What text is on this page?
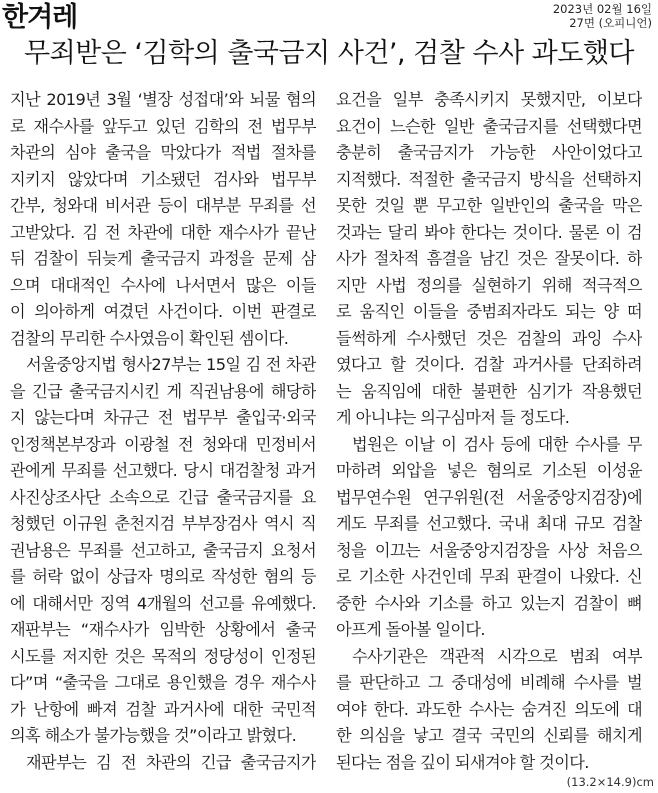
한겨레	2023년 02월 16일
27면 (오피니언)
무죄받은 ‘김학의 출국금지 사건’, 검찰 수사 과도했다
지난 2019년 3월 ‘별장 성접대’와 뇌물 혐의
로 재수사를 앞두고 있던 김학의 전 법무부
차관의 심야 출국을 막았다가 적법 절차를
지키지 않았다며 기소됐던 검사와 법무부
간부, 청와대 비서관 등이 대부분 무죄를 선
고받았다. 김 전 차관에 대한 재수사가 끝난
뒤 검찰이 뒤늦게 출국금지 과정을 문제 삼
으며 대대적인 수사에 나서면서 많은 이들
이 의아하게 여겼던 사건이다. 이번 판결로
검찰의 무리한 수사였음이 확인된 셈이다.
서울중앙지법 형사27부는 15일 김 전 차관
을 긴급 출국금지시킨 게 직권남용에 해당하
지 않는다며 차규근 전 법무부 출입국·외국
인정책본부장과 이광철 전 청와대 민정비서
관에게 무죄를 선고했다. 당시 대검찰청 과거
사진상조사단 소속으로 긴급 출국금지를 요
청했던 이규원 춘천지검 부부장검사 역시 직
권남용은 무죄를 선고하고, 출국금지 요청서
를 허락 없이 상급자 명의로 작성한 혐의 등
에 대해서만 징역 4개월의 선고를 유예했다.
재판부는 “재수사가 임박한 상황에서 출국
시도를 저지한 것은 목적의 정당성이 인정된
다”며 “출국을 그대로 용인했을 경우 재수사
가 난항에 빠져 검찰 과거사에 대한 국민적
의혹 해소가 불가능했을 것”이라고 밝혔다.
재판부는 김 전 차관의 긴급 출국금지가
요건을 일부 충족시키지 못했지만, 이보다
요건이 느슨한 일반 출국금지를 선택했다면
충분히 출국금지가 가능한 사안이었다고
지적했다. 적절한 출국금지 방식을 선택하지
못한 것일 뿐 무고한 일반인의 출국을 막은
것과는 달리 봐야 한다는 것이다. 물론 이 검
사가 절차적 흠결을 남긴 것은 잘못이다. 하
지만 사법 정의를 실현하기 위해 적극적으
로 움직인 이들을 중범죄자라도 되는 양 떠
들썩하게 수사했던 것은 검찰의 과잉 수사
였다고 할 것이다. 검찰 과거사를 단죄하려
는 움직임에 대한 불편한 심기가 작용했던
게 아니냐는 의구심마저 들 정도다.
법원은 이날 이 검사 등에 대한 수사를 무
마하려 외압을 넣은 혐의로 기소된 이성윤
법무연수원 연구위원(전 서울중앙지검장)에
게도 무죄를 선고했다. 국내 최대 규모 검찰
청을 이끄는 서울중앙지검장을 사상 처음으
로 기소한 사건인데 무죄 판결이 나왔다. 신
중한 수사와 기소를 하고 있는지 검찰이 뼈
아프게 돌아볼 일이다.
수사기관은 객관적 시각으로 범죄 여부
를 판단하고 그 중대성에 비례해 수사를 벌
여야 한다. 과도한 수사는 숨겨진 의도에 대
한 의심을 낳고 결국 국민의 신뢰를 해치게
된다는 점을 깊이 되새겨야 할 것이다.
(13.2×14.9)cm
